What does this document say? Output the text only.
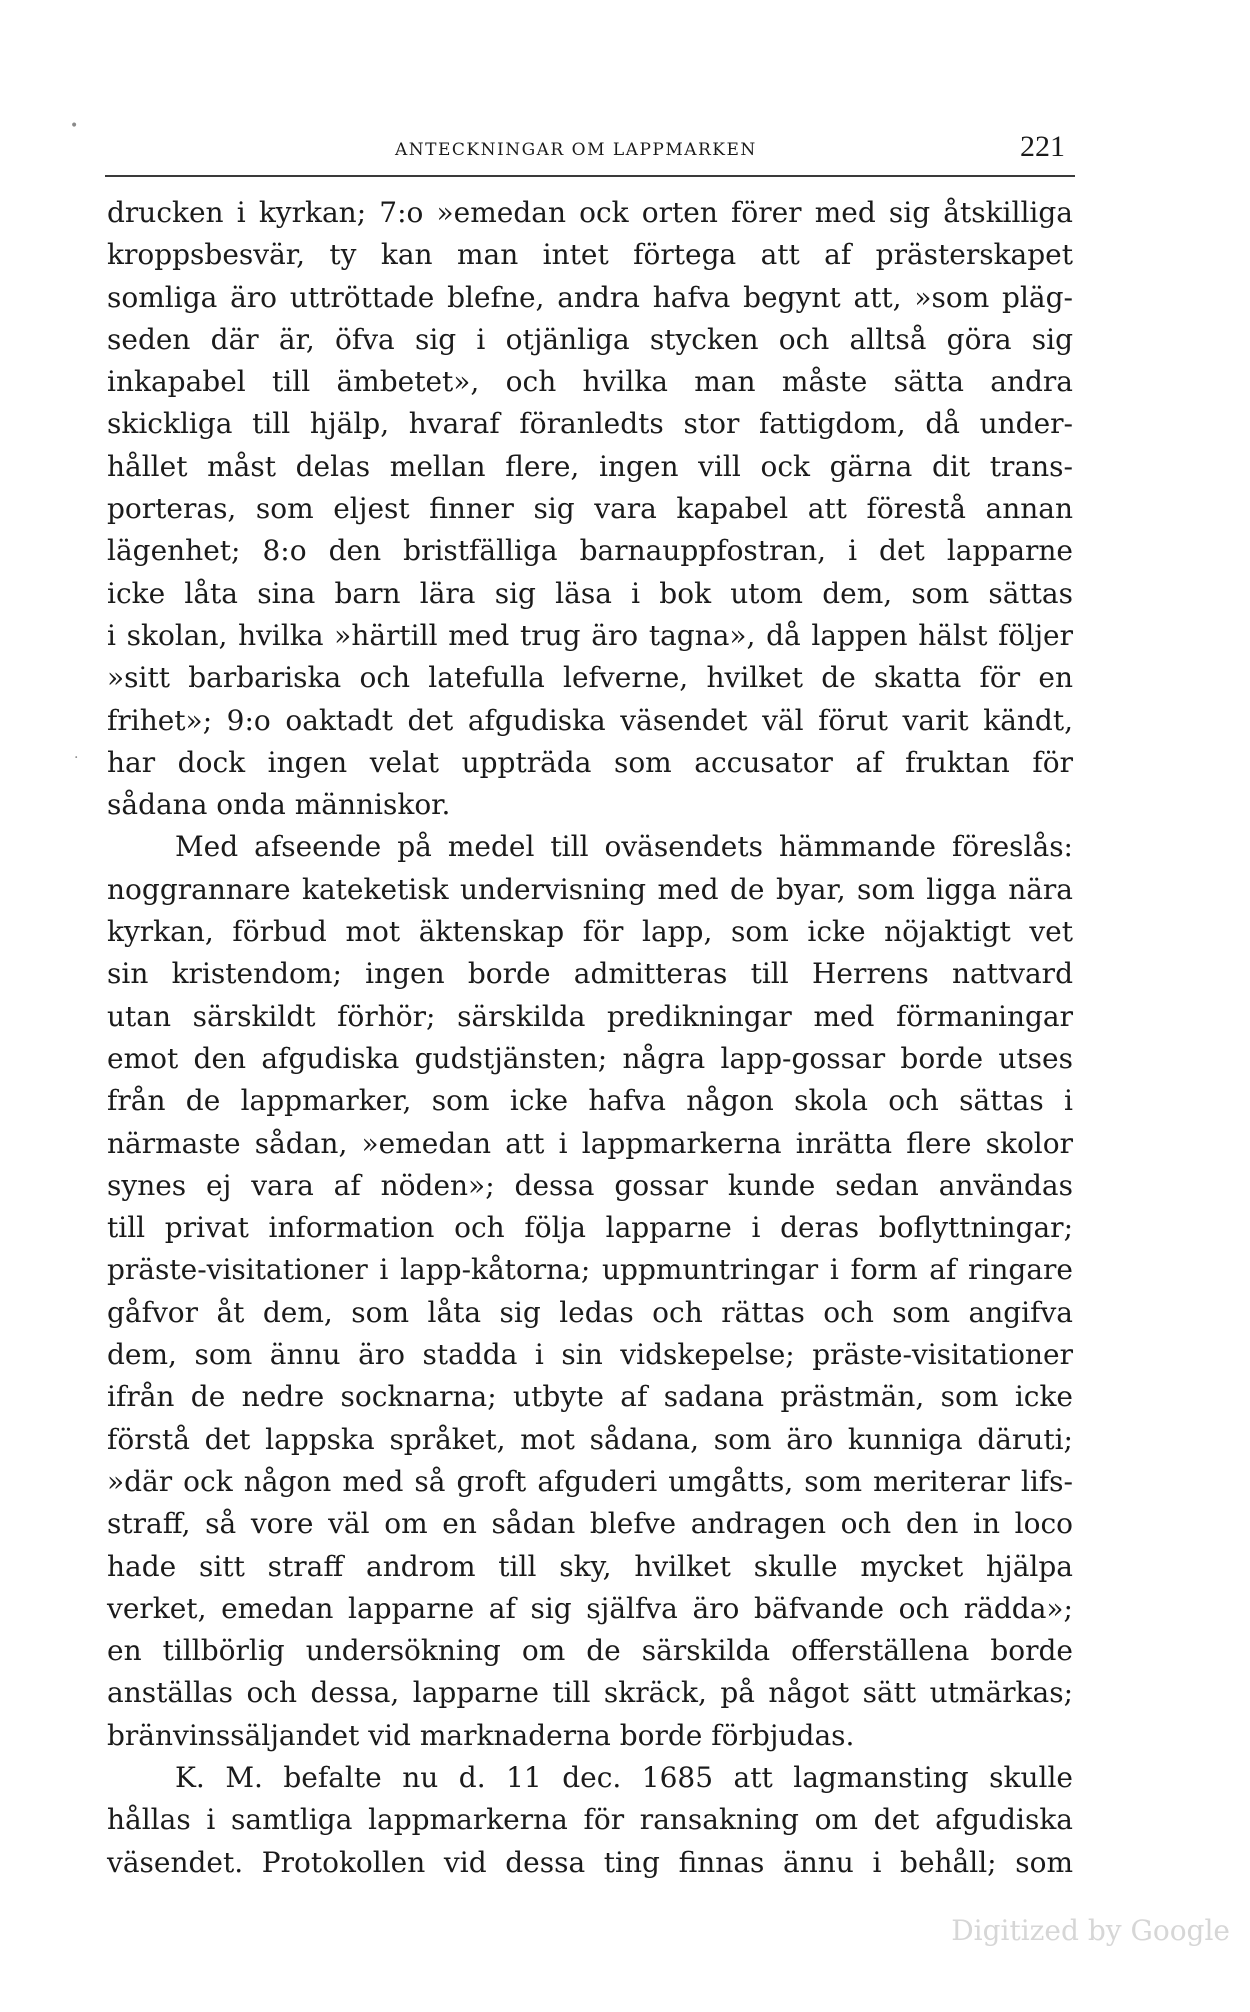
•
·
ANTECKNINGAR OM LAPPMARKEN	221
drucken i kyrkan; 7:o »emedan ock orten förer med sig åtskilliga
kroppsbesvär, ty kan man intet förtega att af prästerskapet
somliga äro uttröttade blefne, andra hafva begynt att, »som pläg-
seden där är, öfva sig i otjänliga stycken och alltså göra sig
inkapabel till ämbetet», och hvilka man måste sätta andra
skickliga till hjälp, hvaraf föranledts stor fattigdom, då under-
hållet måst delas mellan flere, ingen vill ock gärna dit trans-
porteras, som eljest finner sig vara kapabel att förestå annan
lägenhet; 8:o den bristfälliga barnauppfostran, i det lapparne
icke låta sina barn lära sig läsa i bok utom dem, som sättas
i skolan, hvilka »härtill med trug äro tagna», då lappen hälst följer
»sitt barbariska och latefulla lefverne, hvilket de skatta för en
frihet»; 9:o oaktadt det afgudiska väsendet väl förut varit kändt,
har dock ingen velat uppträda som accusator af fruktan för
sådana onda människor.
Med afseende på medel till oväsendets hämmande föreslås:
noggrannare kateketisk undervisning med de byar, som ligga nära
kyrkan, förbud mot äktenskap för lapp, som icke nöjaktigt vet
sin kristendom; ingen borde admitteras till Herrens nattvard
utan särskildt förhör; särskilda predikningar med förmaningar
emot den afgudiska gudstjänsten; några lapp-gossar borde utses
från de lappmarker, som icke hafva någon skola och sättas i
närmaste sådan, »emedan att i lappmarkerna inrätta flere skolor
synes ej vara af nöden»; dessa gossar kunde sedan användas
till privat information och följa lapparne i deras boflyttningar;
präste-visitationer i lapp-kåtorna; uppmuntringar i form af ringare
gåfvor åt dem, som låta sig ledas och rättas och som angifva
dem, som ännu äro stadda i sin vidskepelse; präste-visitationer
ifrån de nedre socknarna; utbyte af sadana prästmän, som icke
förstå det lappska språket, mot sådana, som äro kunniga däruti;
»där ock någon med så groft afguderi umgåtts, som meriterar lifs-
straff, så vore väl om en sådan blefve andragen och den in loco
hade sitt straff androm till sky, hvilket skulle mycket hjälpa
verket, emedan lapparne af sig själfva äro bäfvande och rädda»;
en tillbörlig undersökning om de särskilda offerställena borde
anställas och dessa, lapparne till skräck, på något sätt utmärkas;
bränvinssäljandet vid marknaderna borde förbjudas.
K. M. befalte nu d. 11 dec. 1685 att lagmansting skulle
hållas i samtliga lappmarkerna för ransakning om det afgudiska
väsendet. Protokollen vid dessa ting finnas ännu i behåll; som
Digitized by Google
